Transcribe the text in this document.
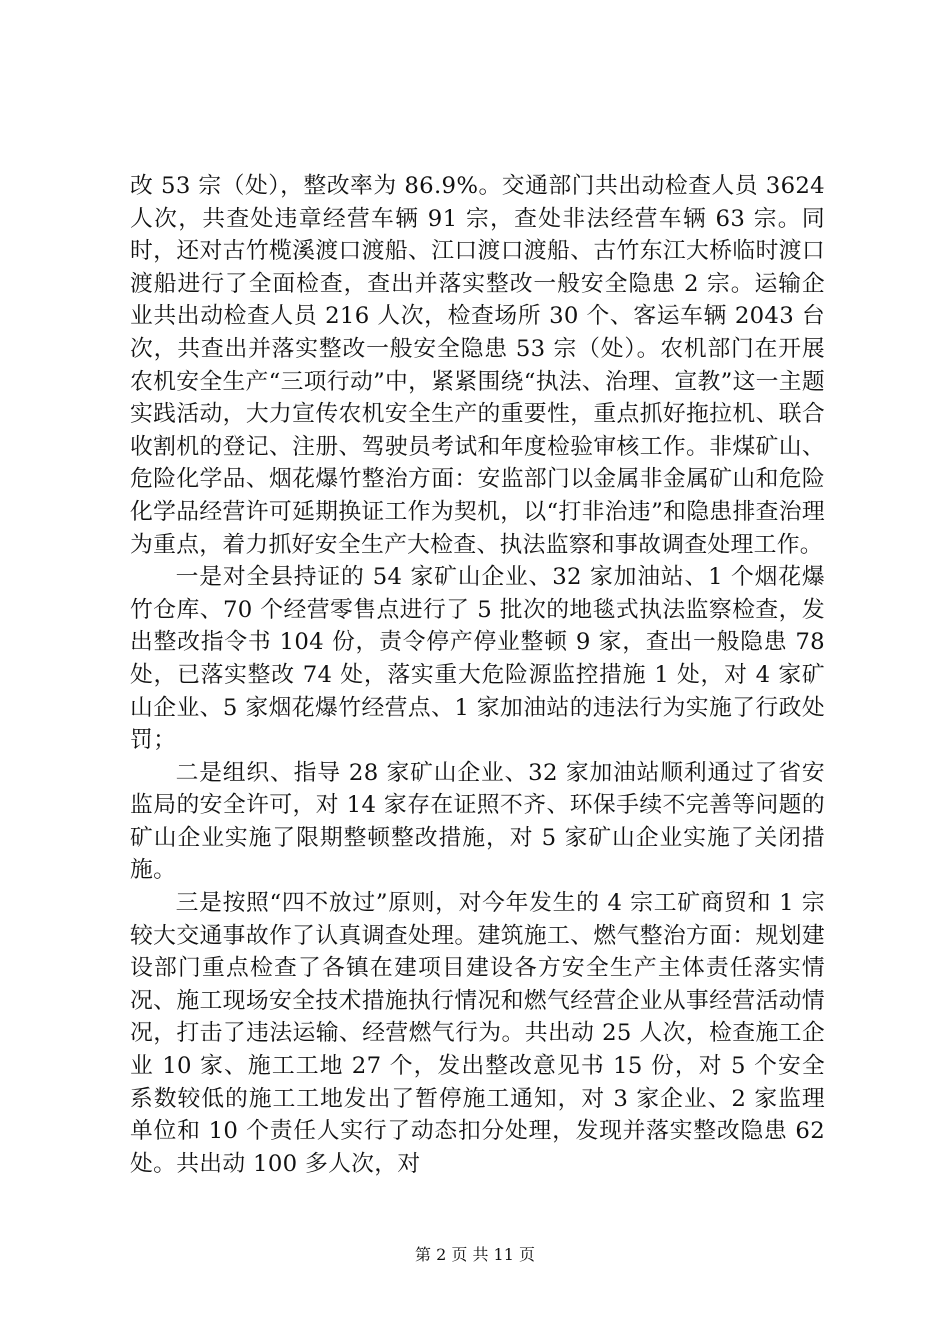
改 53 宗（处），整改率为 86.9%。交通部门共出动检查人员 3624 人次，共查处违章经营车辆 91 宗，查处非法经营车辆 63 宗。同时，还对古竹榄溪渡口渡船、江口渡口渡船、古竹东江大桥临时渡口渡船进行了全面检查，查出并落实整改一般安全隐患 2 宗。运输企业共出动检查人员 216 人次，检查场所 30 个、客运车辆 2043 台次，共查出并落实整改一般安全隐患 53 宗（处）。农机部门在开展农机安全生产“三项行动”中，紧紧围绕“执法、治理、宣教”这一主题实践活动，大力宣传农机安全生产的重要性，重点抓好拖拉机、联合收割机的登记、注册、驾驶员考试和年度检验审核工作。非煤矿山、危险化学品、烟花爆竹整治方面：安监部门以金属非金属矿山和危险化学品经营许可延期换证工作为契机，以“打非治违”和隐患排查治理为重点，着力抓好安全生产大检查、执法监察和事故调查处理工作。

一是对全县持证的 54 家矿山企业、32 家加油站、1 个烟花爆竹仓库、70 个经营零售点进行了 5 批次的地毯式执法监察检查，发出整改指令书 104 份，责令停产停业整顿 9 家，查出一般隐患 78 处，已落实整改 74 处，落实重大危险源监控措施 1 处，对 4 家矿山企业、5 家烟花爆竹经营点、1 家加油站的违法行为实施了行政处罚；

二是组织、指导 28 家矿山企业、32 家加油站顺利通过了省安监局的安全许可，对 14 家存在证照不齐、环保手续不完善等问题的矿山企业实施了限期整顿整改措施，对 5 家矿山企业实施了关闭措施。

三是按照“四不放过”原则，对今年发生的 4 宗工矿商贸和 1 宗较大交通事故作了认真调查处理。建筑施工、燃气整治方面：规划建设部门重点检查了各镇在建项目建设各方安全生产主体责任落实情况、施工现场安全技术措施执行情况和燃气经营企业从事经营活动情况，打击了违法运输、经营燃气行为。共出动 25 人次，检查施工企业 10 家、施工工地 27 个，发出整改意见书 15 份，对 5 个安全系数较低的施工工地发出了暂停施工通知，对 3 家企业、2 家监理单位和 10 个责任人实行了动态扣分处理，发现并落实整改隐患 62 处。共出动 100 多人次，对

第 2 页 共 11 页
